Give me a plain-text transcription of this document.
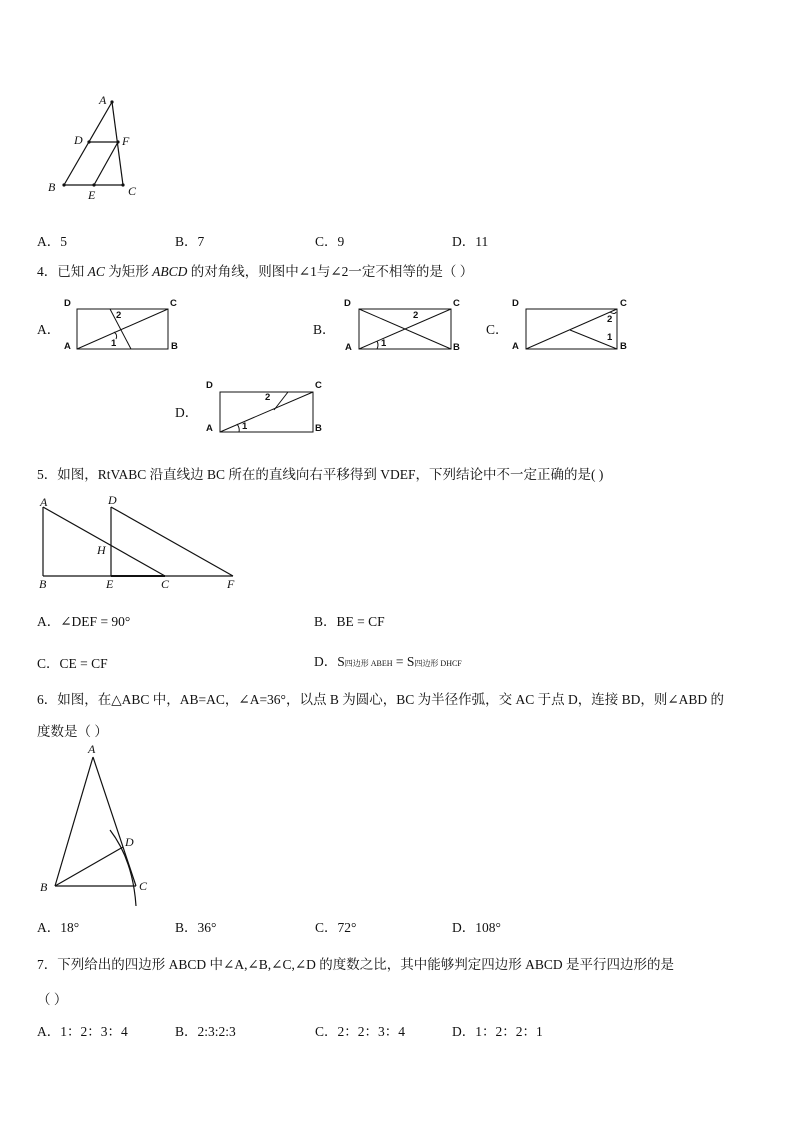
A
D	F
B
E	C
A．5	B．7	C．9	D．11
4．已知 AC 为矩形 ABCD 的对角线，则图中∠1与∠2一定不相等的是（ ）
A．	B．	C．
D．
D	C
A	B
2
1
D	C
A	B
2
1
D	C
A	B
2
1
D	C
A	B
2
1
5．如图，RtVABC 沿直线边 BC 所在的直线向右平移得到 VDEF，下列结论中不一定正确的是( )
A	D
H
B	E	C	F
A．∠DEF = 90°	B．BE = CF
C．CE = CF	D．S四边形 ABEH = S四边形 DHCF
6．如图，在△ABC 中，AB=AC，∠A=36°，以点 B 为圆心，BC 为半径作弧，交 AC 于点 D，连接 BD，则∠ABD 的
度数是（ ）
A
D
B	C
A．18°	B．36°	C．72°	D．108°
7．下列给出的四边形 ABCD 中∠A,∠B,∠C,∠D 的度数之比，其中能够判定四边形 ABCD 是平行四边形的是
（ ）
A．1：2：3：4	B．2:3:2:3	C．2：2：3：4	D．1：2：2：1
